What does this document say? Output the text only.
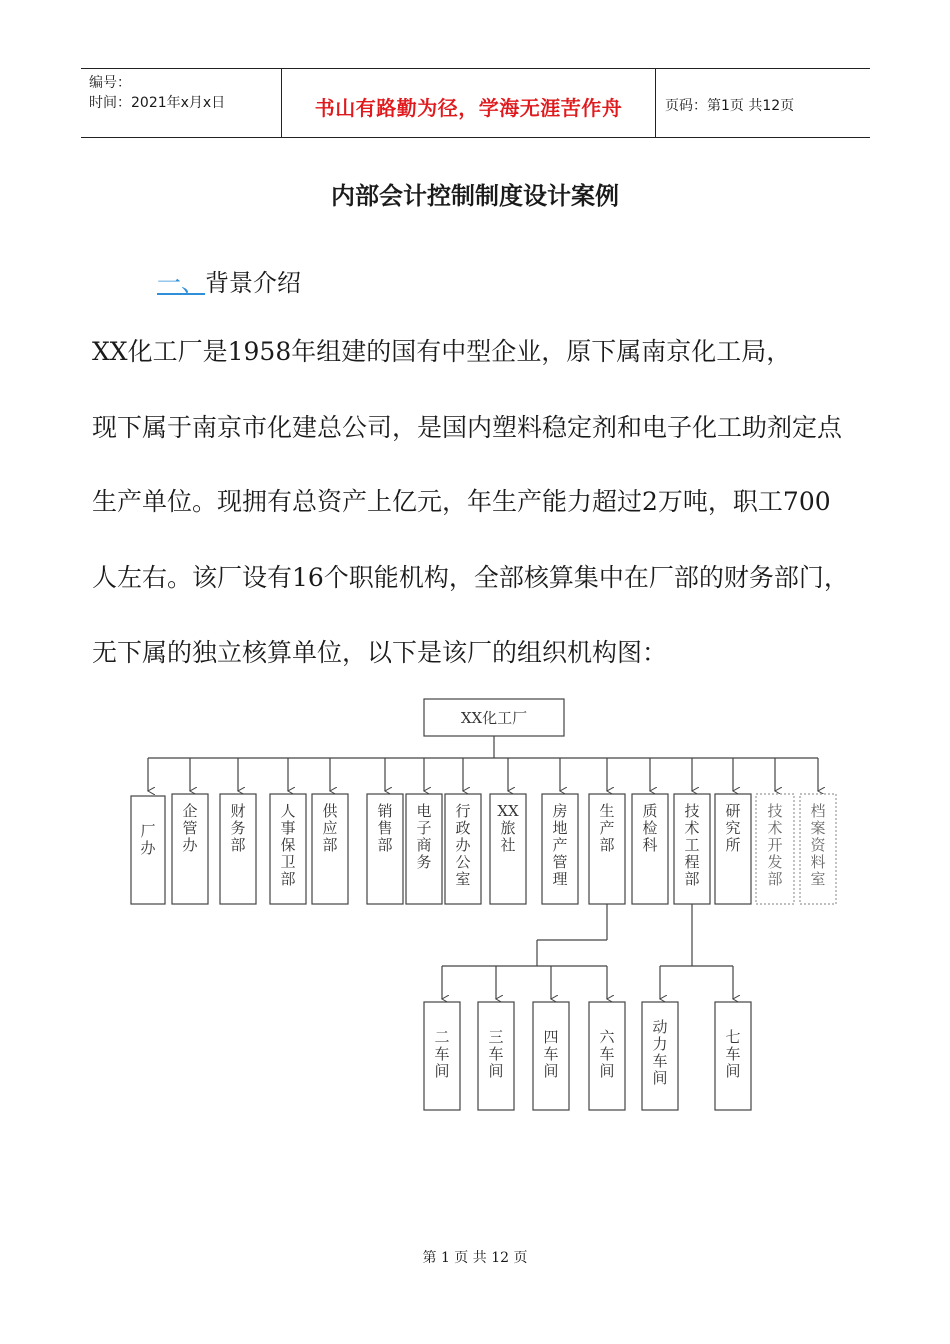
编号：
时间：2021年x月x日	书山有路勤为径，学海无涯苦作舟	页码：第1页 共12页
内部会计控制制度设计案例
一、背景介绍
XX化工厂是1958年组建的国有中型企业，原下属南京化工局，
现下属于南京市化建总公司，是国内塑料稳定剂和电子化工助剂定点
生产单位。现拥有总资产上亿元，年生产能力超过2万吨，职工700
人左右。该厂设有16个职能机构，全部核算集中在厂部的财务部门，
无下属的独立核算单位，以下是该厂的组织机构图：
XX化工厂
厂
办
企
管
办
财
务
部
人
事
保
卫
部
供
应
部
销
售
部
电
子
商
务
行
政
办
公
室
XX
旅
社
房
地
产
管
理
生
产
部
质
检
科
技
术
工
程
部
研
究
所
技
术
开
发
部
档
案
资
料
室
二
车
间
三
车
间
四
车
间
六
车
间
动
力
车
间
七
车
间
第 1 页 共 12 页
